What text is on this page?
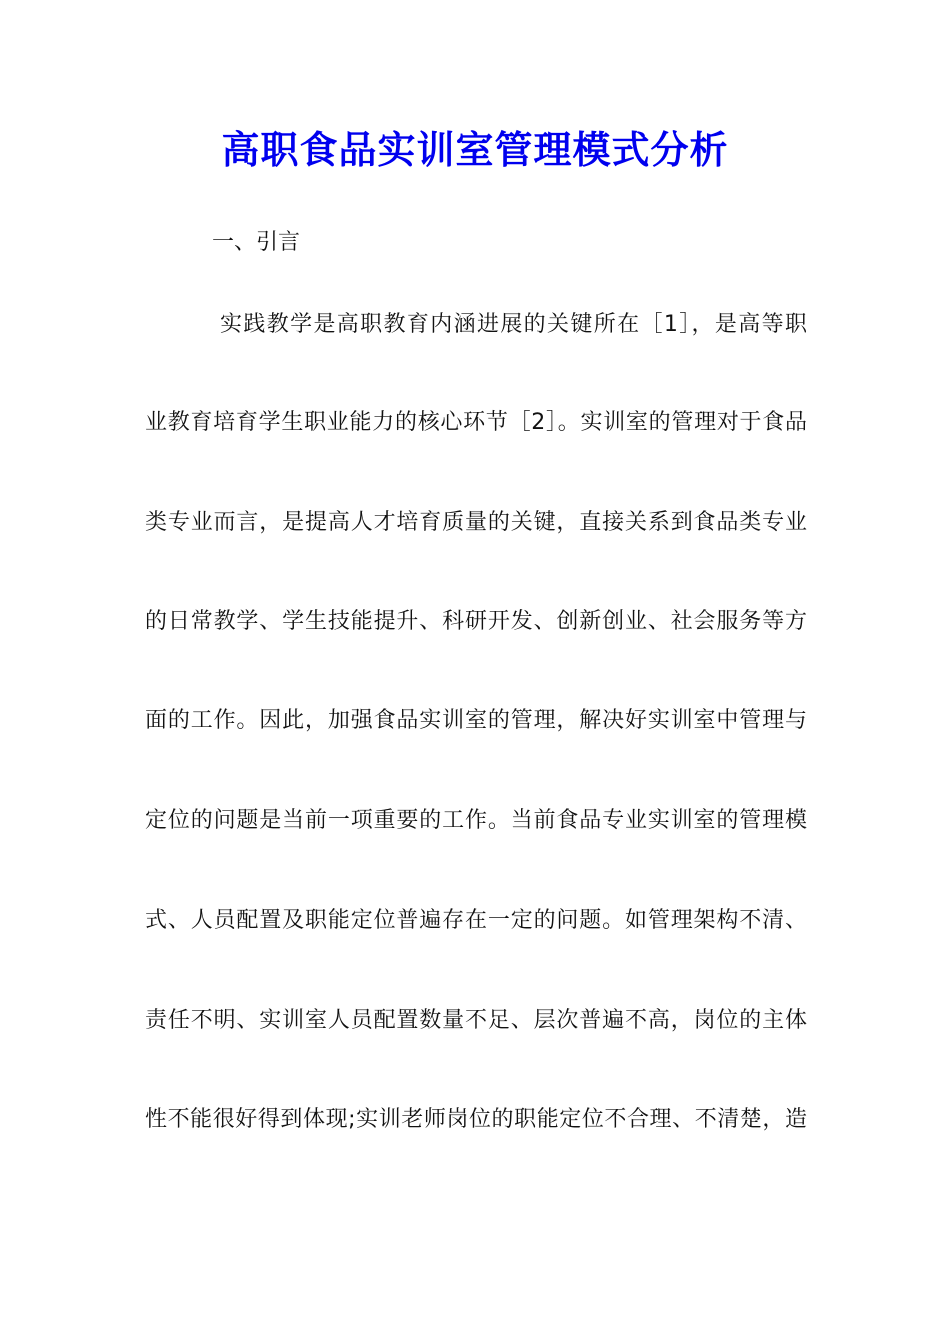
高职食品实训室管理模式分析
一、引言
实践教学是高职教育内涵进展的关键所在［1］，是高等职
业教育培育学生职业能力的核心环节［2］。实训室的管理对于食品
类专业而言，是提高人才培育质量的关键，直接关系到食品类专业
的日常教学、学生技能提升、科研开发、创新创业、社会服务等方
面的工作。因此，加强食品实训室的管理，解决好实训室中管理与
定位的问题是当前一项重要的工作。当前食品专业实训室的管理模
式、人员配置及职能定位普遍存在一定的问题。如管理架构不清、
责任不明、实训室人员配置数量不足、层次普遍不高，岗位的主体
性不能很好得到体现;实训老师岗位的职能定位不合理、不清楚，造
